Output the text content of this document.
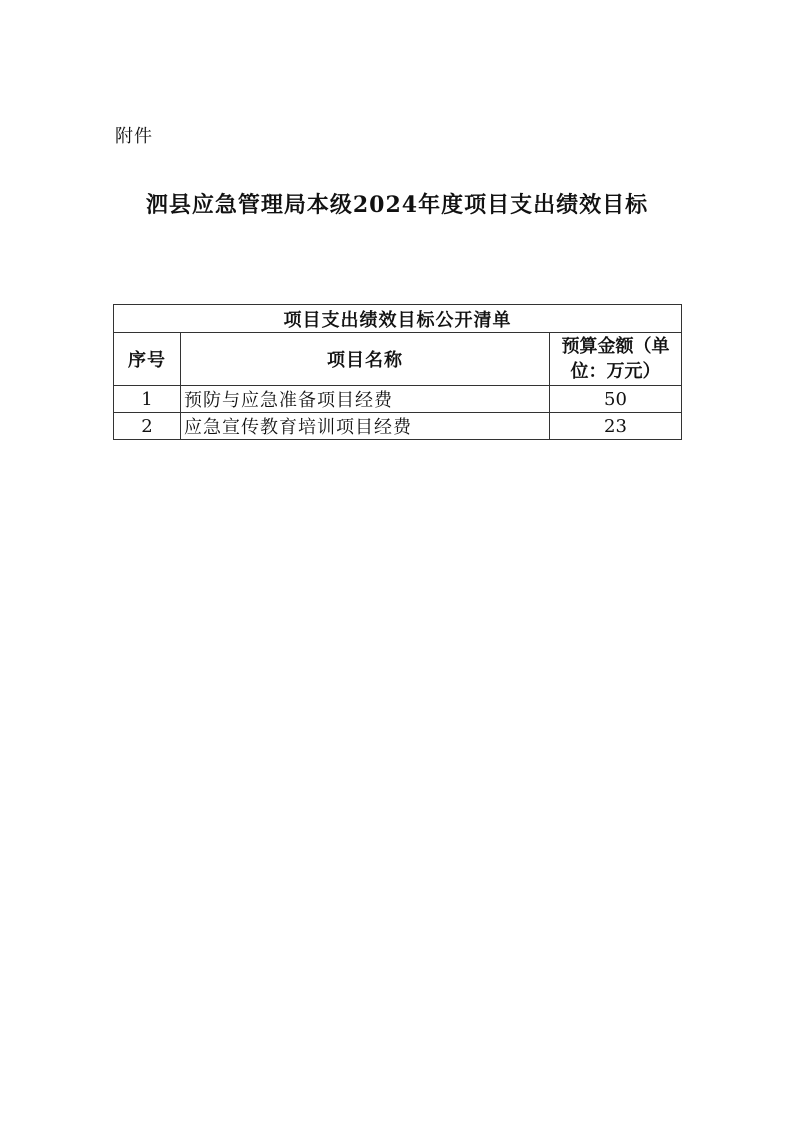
附件
泗县应急管理局本级2024年度项目支出绩效目标
项目支出绩效目标公开清单		
序号	项目名称	预算金额（单位：万元）
1	预防与应急准备项目经费	50
2	应急宣传教育培训项目经费	23
